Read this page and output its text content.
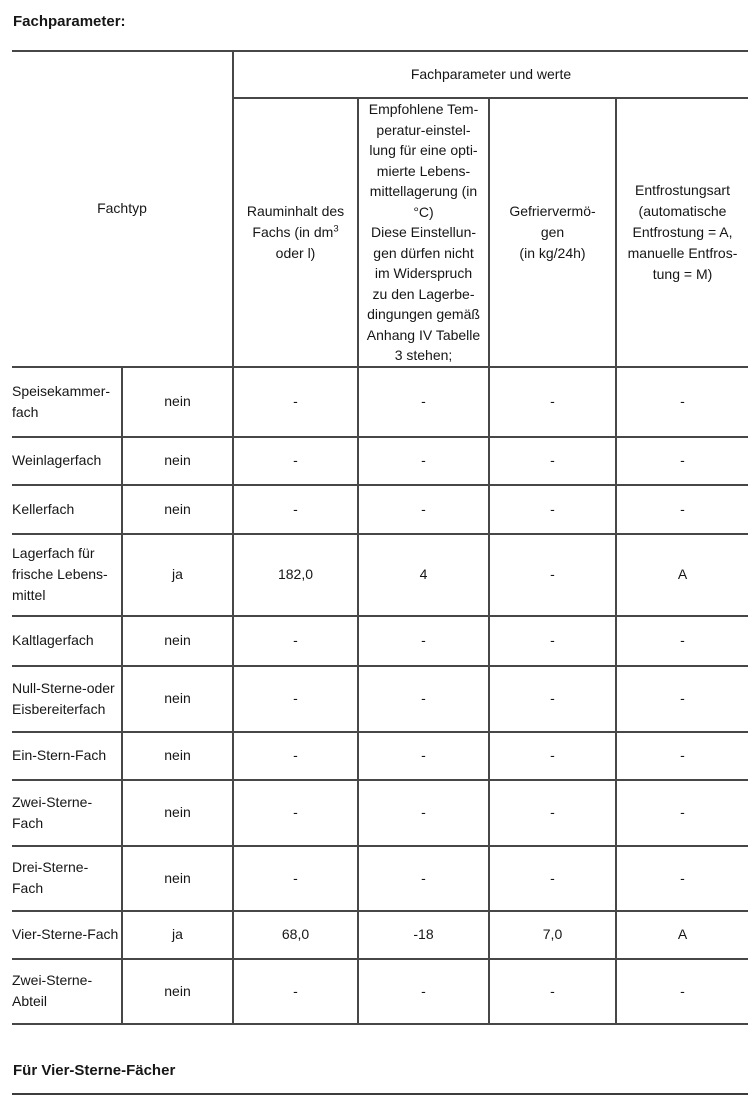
Fachparameter:
Fachtyp		Fachparameter und werte			

Rauminhalt des
Fachs (in $dm^3$
oder l)

Empfohlene Tem-
peratur-einstel-
lung für eine opti-
mierte Lebens-
mittellagerung (in
°C)
Diese Einstellun-
gen dürfen nicht
im Widerspruch
zu den Lagerbe-
dingungen gemäß
Anhang IV Tabelle
3 stehen;

Gefriervermö-
gen
(in kg/24h)

Entfrostungsart
(automatische
Entfrostung = A,
manuelle Entfros-
tung = M)

Speisekammer-
fach	nein	-	-	-	-

Weinlagerfach	nein	-	-	-	-

Kellerfach	nein	-	-	-	-

Lagerfach für
frische Lebens-
mittel	ja	182,0	4	-	A

Kaltlagerfach	nein	-	-	-	-

Null-Sterne-oder
Eisbereiterfach	nein	-	-	-	-

Ein-Stern-Fach	nein	-	-	-	-

Zwei-Sterne-
Fach	nein	-	-	-	-

Drei-Sterne-
Fach	nein	-	-	-	-

Vier-Sterne-Fach	ja	68,0	-18	7,0	A

Zwei-Sterne-
Abteil	nein	-	-	-	-
Für Vier-Sterne-Fächer
